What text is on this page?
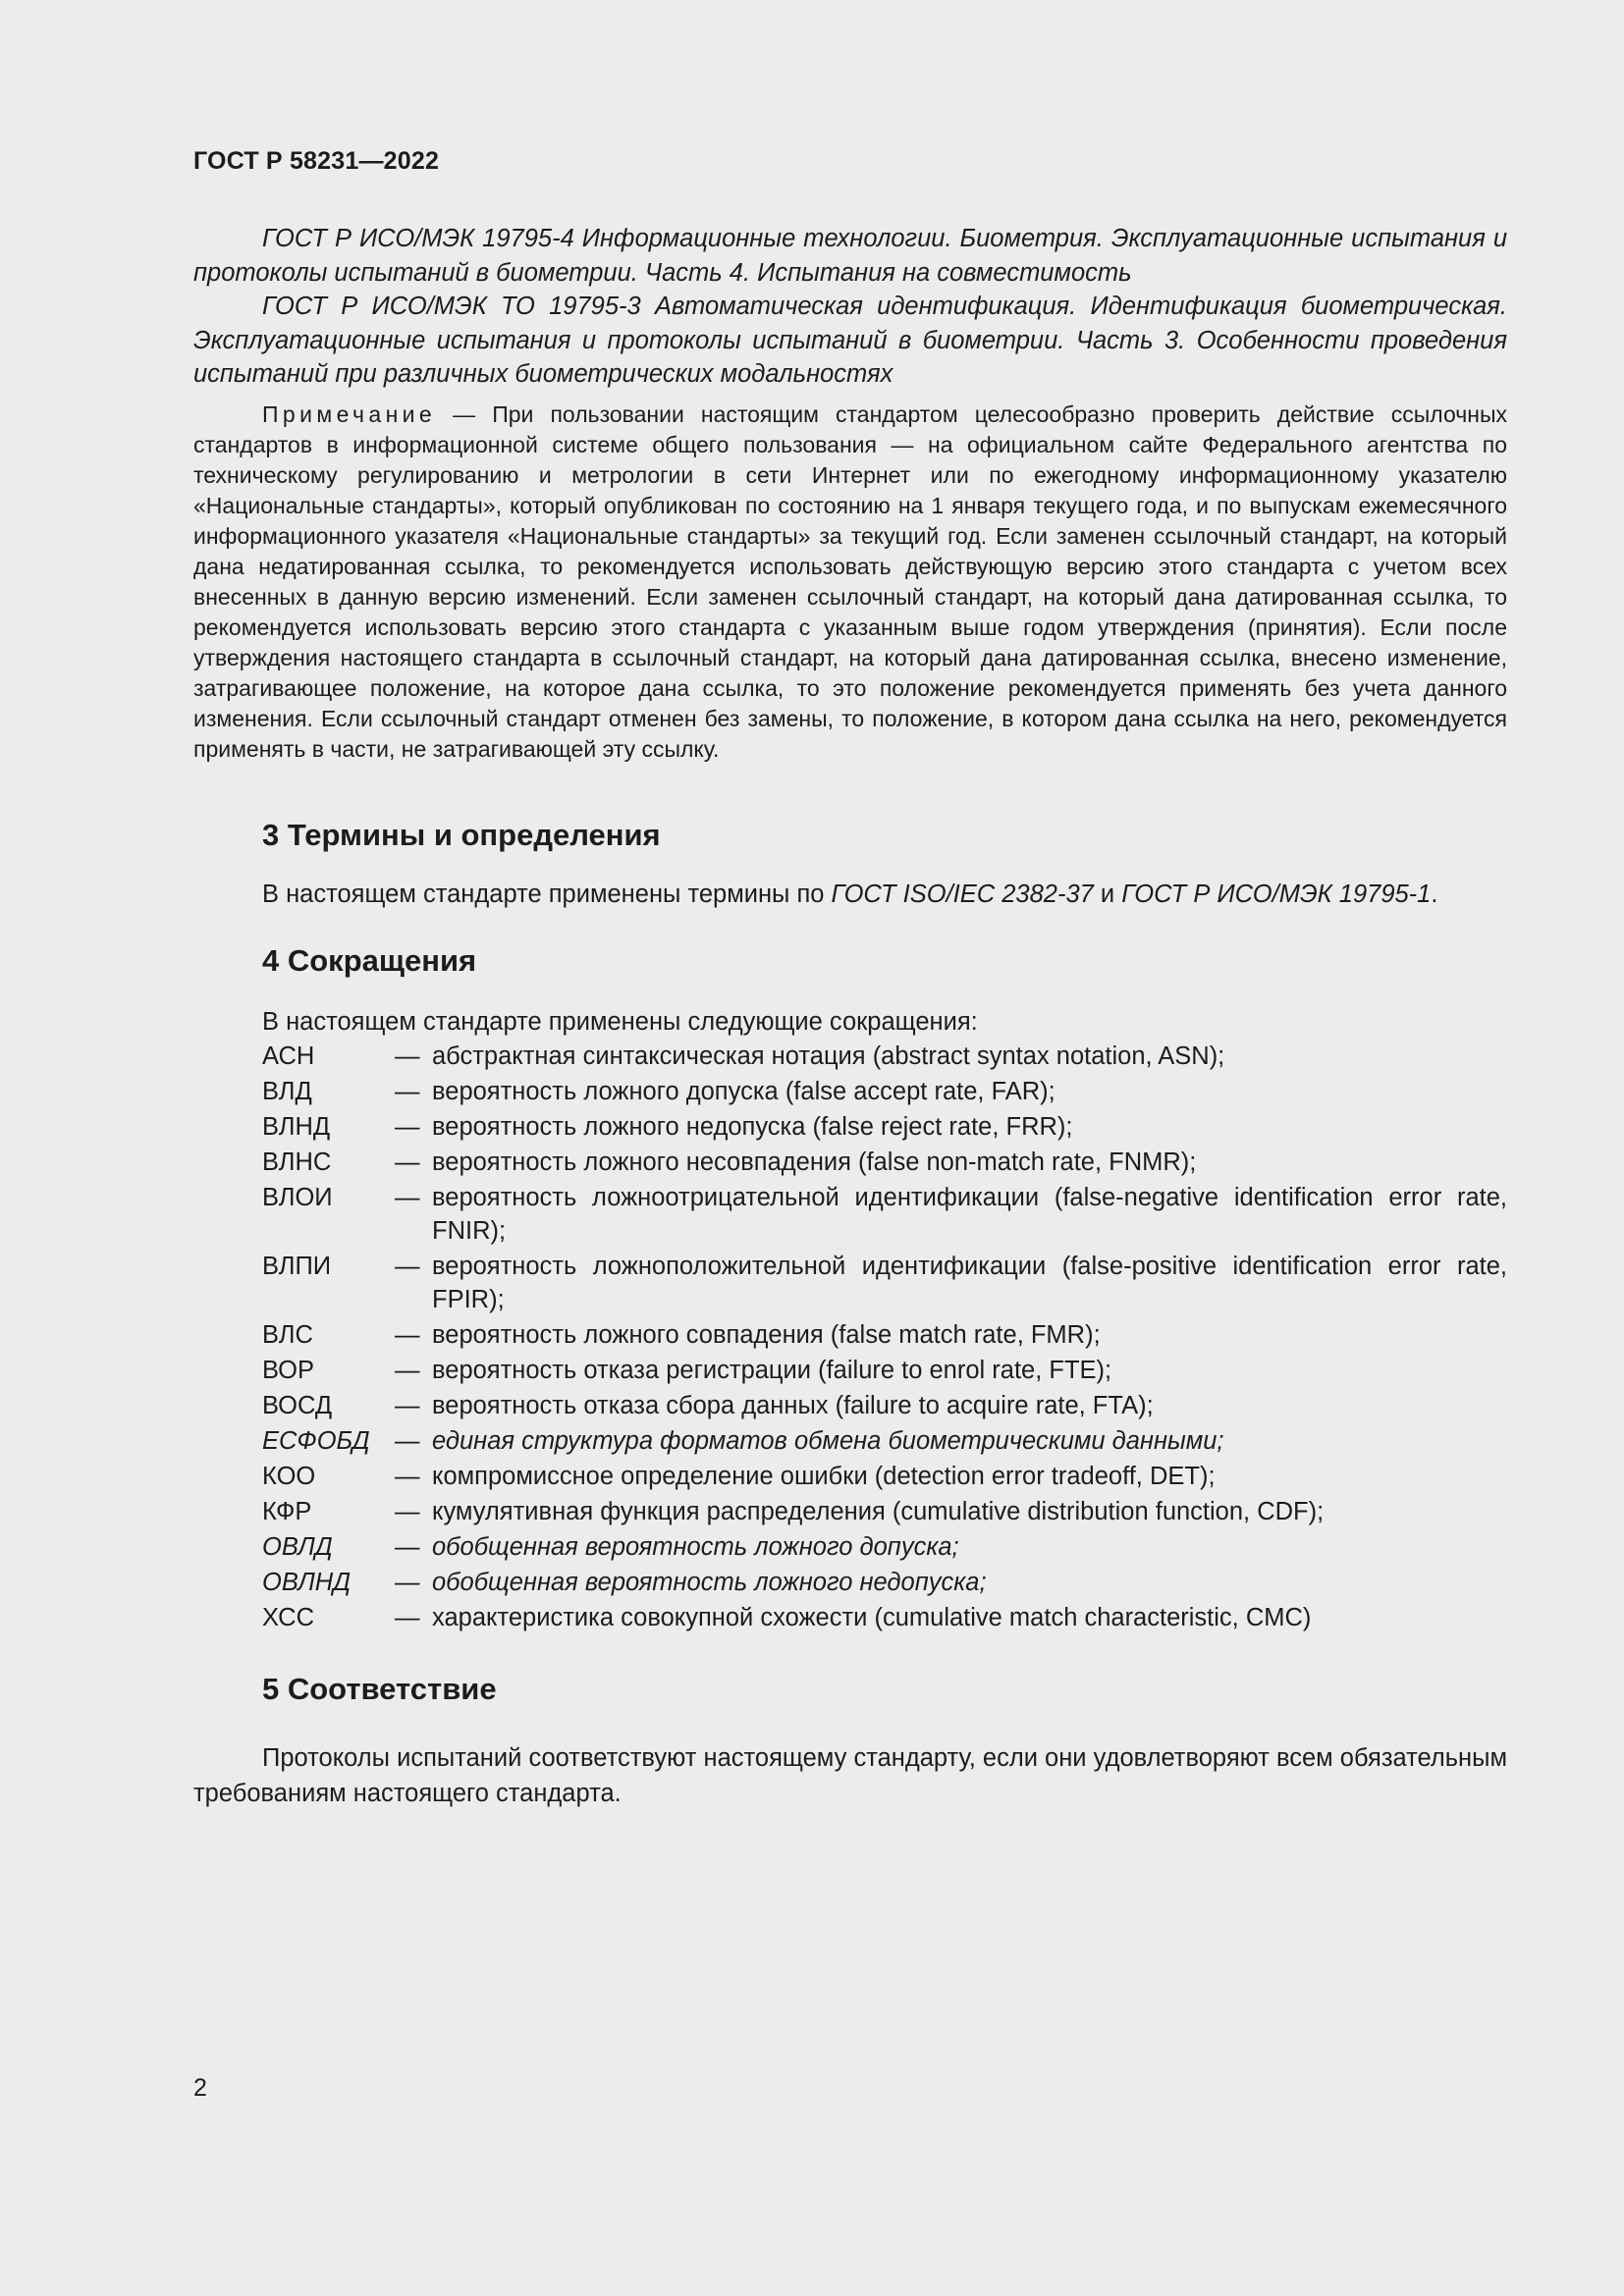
ГОСТ Р 58231—2022

ГОСТ Р ИСО/МЭК 19795-4 Информационные технологии. Биометрия. Эксплуатационные испытания и протоколы испытаний в биометрии. Часть 4. Испытания на совместимость

ГОСТ Р ИСО/МЭК ТО 19795-3 Автоматическая идентификация. Идентификация биометрическая. Эксплуатационные испытания и протоколы испытаний в биометрии. Часть 3. Особенности проведения испытаний при различных биометрических модальностях

Примечание — При пользовании настоящим стандартом целесообразно проверить действие ссылочных стандартов в информационной системе общего пользования — на официальном сайте Федерального агентства по техническому регулированию и метрологии в сети Интернет или по ежегодному информационному указателю «Национальные стандарты», который опубликован по состоянию на 1 января текущего года, и по выпускам ежемесячного информационного указателя «Национальные стандарты» за текущий год. Если заменен ссылочный стандарт, на который дана недатированная ссылка, то рекомендуется использовать действующую версию этого стандарта с учетом всех внесенных в данную версию изменений. Если заменен ссылочный стандарт, на который дана датированная ссылка, то рекомендуется использовать версию этого стандарта с указанным выше годом утверждения (принятия). Если после утверждения настоящего стандарта в ссылочный стандарт, на который дана датированная ссылка, внесено изменение, затрагивающее положение, на которое дана ссылка, то это положение рекомендуется применять без учета данного изменения. Если ссылочный стандарт отменен без замены, то положение, в котором дана ссылка на него, рекомендуется применять в части, не затрагивающей эту ссылку.

3 Термины и определения

В настоящем стандарте применены термины по ГОСТ ISO/IEC 2382-37 и ГОСТ Р ИСО/МЭК 19795-1.

4 Сокращения

В настоящем стандарте применены следующие сокращения:

АСН	— абстрактная синтаксическая нотация (abstract syntax notation, ASN);
ВЛД	— вероятность ложного допуска (false accept rate, FAR);
ВЛНД	— вероятность ложного недопуска (false reject rate, FRR);
ВЛНС	— вероятность ложного несовпадения (false non-match rate, FNMR);
ВЛОИ	— вероятность ложноотрицательной идентификации (false-negative identification error rate, FNIR);
ВЛПИ	— вероятность ложноположительной идентификации (false-positive identification error rate, FPIR);
ВЛС	— вероятность ложного совпадения (false match rate, FMR);
ВОР	— вероятность отказа регистрации (failure to enrol rate, FTE);
ВОСД	— вероятность отказа сбора данных (failure to acquire rate, FTA);
ЕСФОБД — единая структура форматов обмена биометрическими данными;
КОО	— компромиссное определение ошибки (detection error tradeoff, DET);
КФР	— кумулятивная функция распределения (cumulative distribution function, CDF);
ОВЛД	— обобщенная вероятность ложного допуска;
ОВЛНД	— обобщенная вероятность ложного недопуска;
ХСС	— характеристика совокупной схожести (cumulative match characteristic, CMC)
5 Соответствие

Протоколы испытаний соответствуют настоящему стандарту, если они удовлетворяют всем обязательным требованиям настоящего стандарта.

2
